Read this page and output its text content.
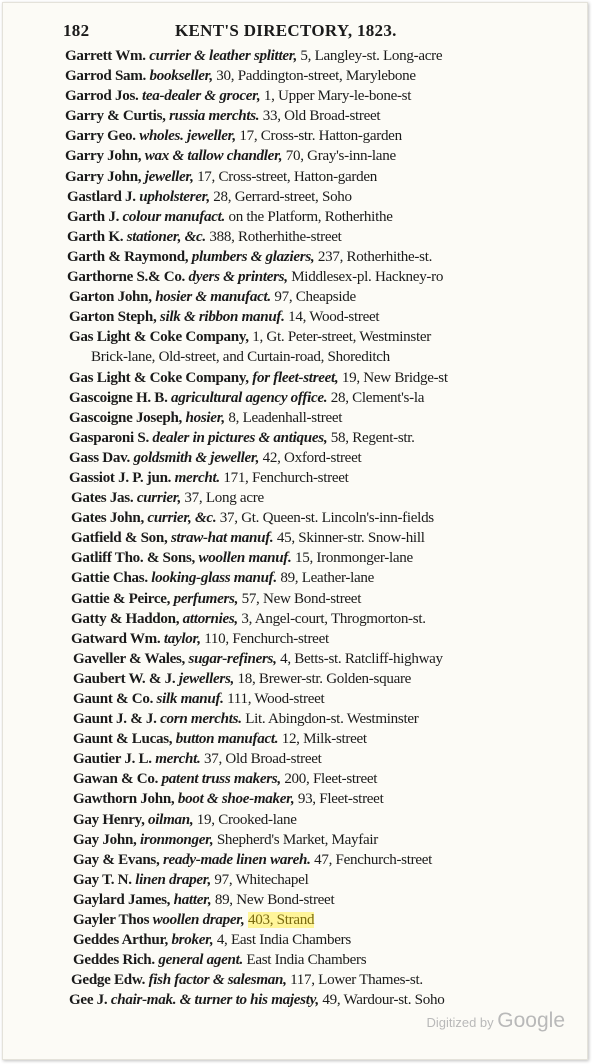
182	KENT'S DIRECTORY, 1823.
Garrett Wm. currier & leather splitter, 5, Langley-st. Long-acre
Garrod Sam. bookseller, 30, Paddington-street, Marylebone
Garrod Jos. tea-dealer & grocer, 1, Upper Mary-le-bone-st
Garry & Curtis, russia merchts. 33, Old Broad-street
Garry Geo. wholes. jeweller, 17, Cross-str. Hatton-garden
Garry John, wax & tallow chandler, 70, Gray's-inn-lane
Garry John, jeweller, 17, Cross-street, Hatton-garden
Gastlard J. upholsterer, 28, Gerrard-street, Soho
Garth J. colour manufact. on the Platform, Rotherhithe
Garth K. stationer, &c. 388, Rotherhithe-street
Garth & Raymond, plumbers & glaziers, 237, Rotherhithe-st.
Garthorne S.& Co. dyers & printers, Middlesex-pl. Hackney-ro
Garton John, hosier & manufact. 97, Cheapside
Garton Steph, silk & ribbon manuf. 14, Wood-street
Gas Light & Coke Company, 1, Gt. Peter-street, Westminster
Brick-lane, Old-street, and Curtain-road, Shoreditch
Gas Light & Coke Company, for fleet-street, 19, New Bridge-st
Gascoigne H. B. agricultural agency office. 28, Clement's-la
Gascoigne Joseph, hosier, 8, Leadenhall-street
Gasparoni S. dealer in pictures & antiques, 58, Regent-str.
Gass Dav. goldsmith & jeweller, 42, Oxford-street
Gassiot J. P. jun. mercht. 171, Fenchurch-street
Gates Jas. currier, 37, Long acre
Gates John, currier, &c. 37, Gt. Queen-st. Lincoln's-inn-fields
Gatfield & Son, straw-hat manuf. 45, Skinner-str. Snow-hill
Gatliff Tho. & Sons, woollen manuf. 15, Ironmonger-lane
Gattie Chas. looking-glass manuf. 89, Leather-lane
Gattie & Peirce, perfumers, 57, New Bond-street
Gatty & Haddon, attornies, 3, Angel-court, Throgmorton-st.
Gatward Wm. taylor, 110, Fenchurch-street
Gaveller & Wales, sugar-refiners, 4, Betts-st. Ratcliff-highway
Gaubert W. & J. jewellers, 18, Brewer-str. Golden-square
Gaunt & Co. silk manuf. 111, Wood-street
Gaunt J. & J. corn merchts. Lit. Abingdon-st. Westminster
Gaunt & Lucas, button manufact. 12, Milk-street
Gautier J. L. mercht. 37, Old Broad-street
Gawan & Co. patent truss makers, 200, Fleet-street
Gawthorn John, boot & shoe-maker, 93, Fleet-street
Gay Henry, oilman, 19, Crooked-lane
Gay John, ironmonger, Shepherd's Market, Mayfair
Gay & Evans, ready-made linen wareh. 47, Fenchurch-street
Gay T. N. linen draper, 97, Whitechapel
Gaylard James, hatter, 89, New Bond-street
Gayler Thos woollen draper, 403, Strand
Geddes Arthur, broker, 4, East India Chambers
Geddes Rich. general agent. East India Chambers
Gedge Edw. fish factor & salesman, 117, Lower Thames-st.
Gee J. chair-mak. & turner to his majesty, 49, Wardour-st. Soho
Digitized by Google
